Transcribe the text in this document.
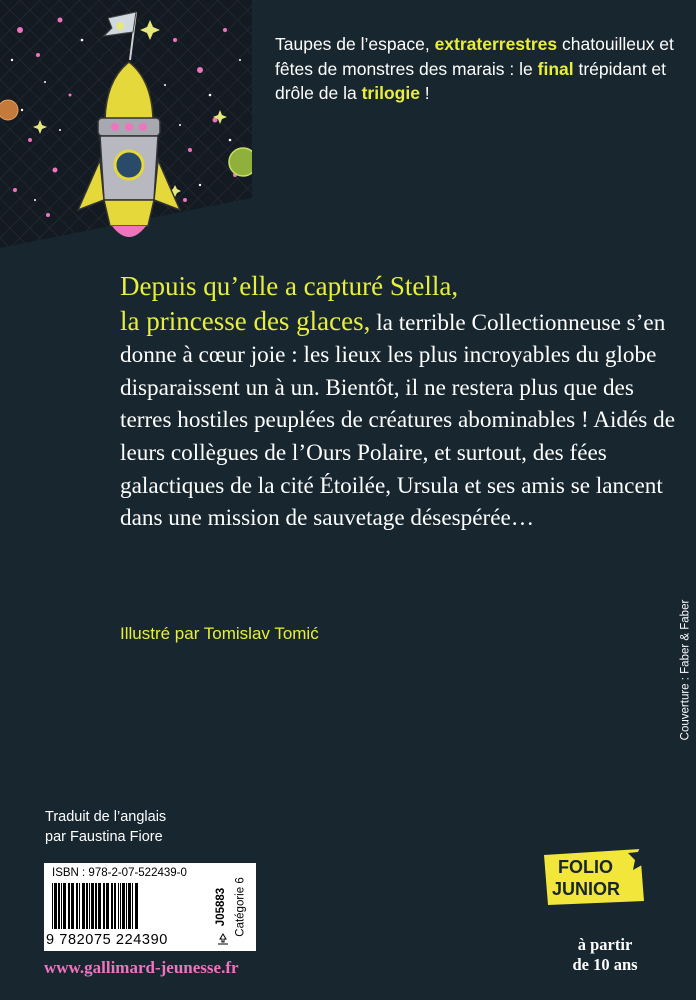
Taupes de l’espace, extraterrestres chatouilleux et fêtes de monstres des marais : le final trépidant et drôle de la trilogie !

Depuis qu’elle a capturé Stella,
la princesse des glaces, la terrible Collectionneuse s’en donne à cœur joie : les lieux les plus incroyables du globe disparaissent un à un. Bientôt, il ne restera plus que des terres hostiles peuplées de créatures abominables ! Aidés de leurs collègues de l’Ours Polaire, et surtout, des fées galactiques de la cité Étoilée, Ursula et ses amis se lancent dans une mission de sauvetage désespérée…

Illustré par Tomislav Tomić	Couverture : Faber & Faber
Traduit de l’anglais
par Faustina Fiore
ISBN : 978-2-07-522439-0
9 782075 224390
J05883 Catégorie 6
www.gallimard-jeunesse.fr
FOLIO
JUNIOR
à partir
de 10 ans
